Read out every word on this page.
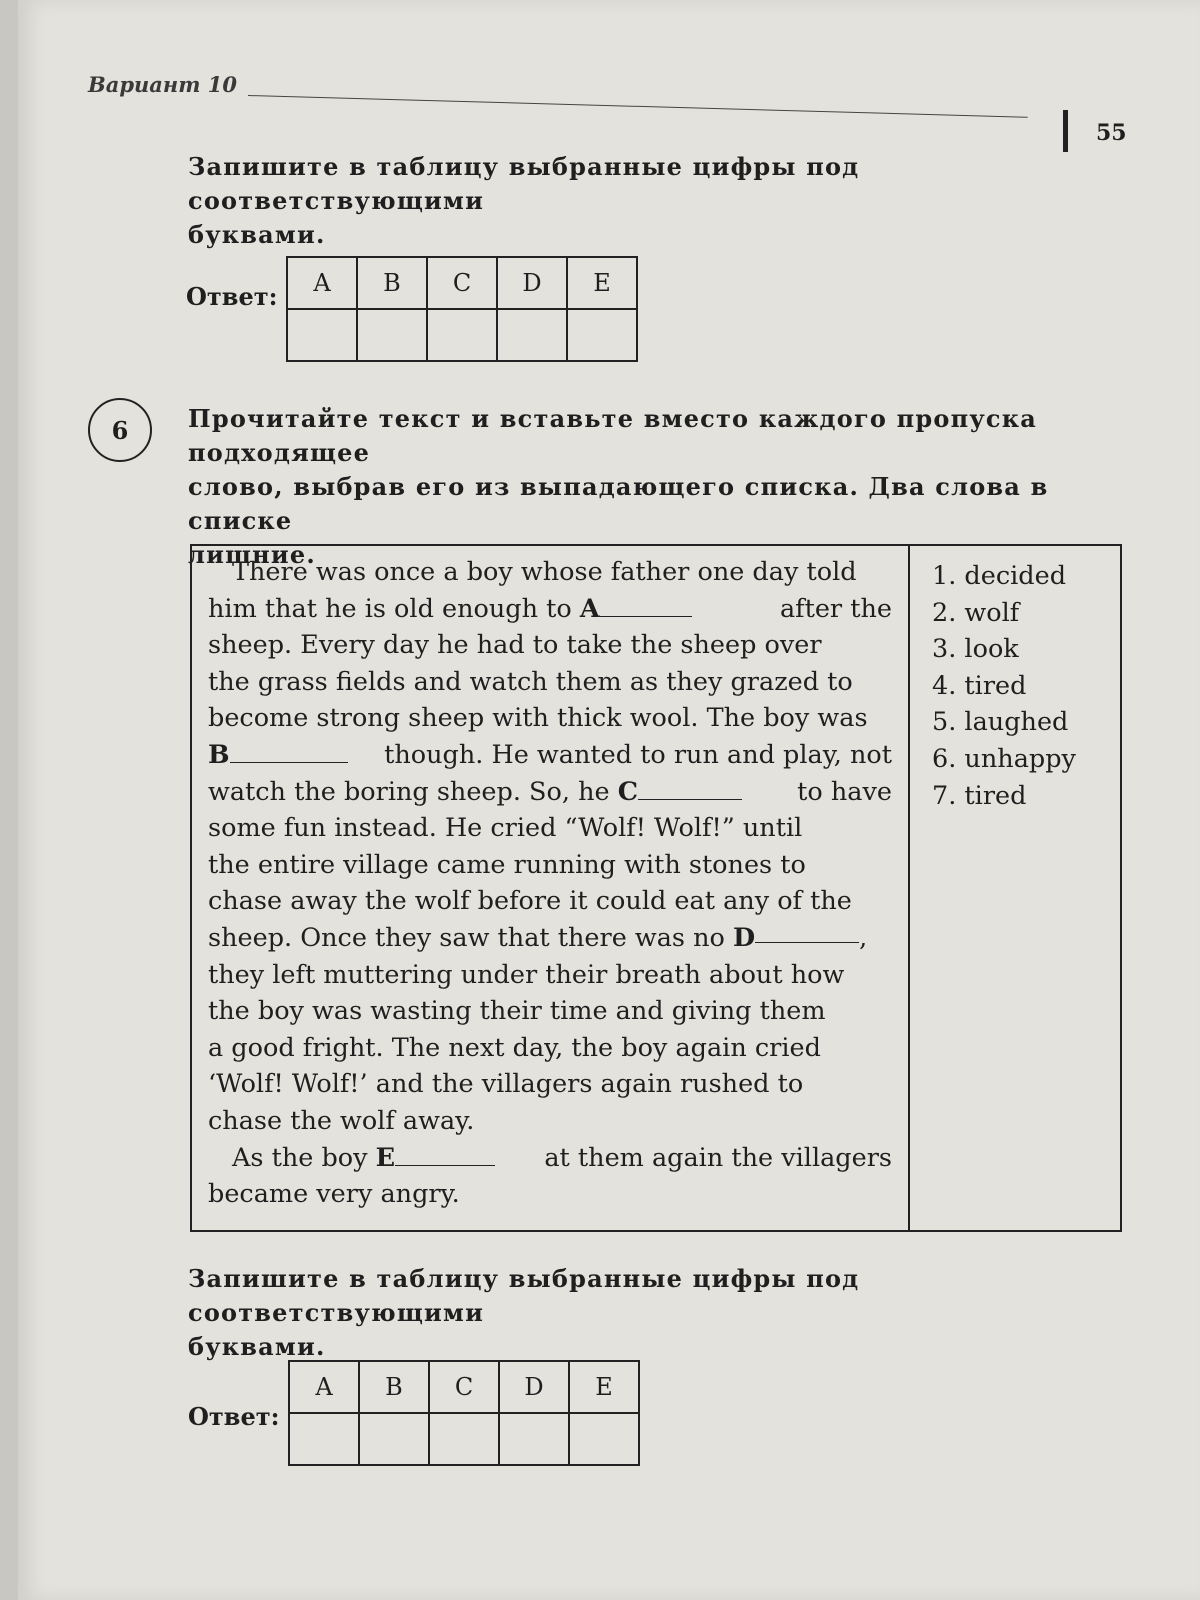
Вариант 10
55
Запишите в таблицу выбранные цифры под соответствующими
буквами.
Ответ: A	B	C	D	E

6 Прочитайте текст и вставьте вместо каждого пропуска подходящее
слово, выбрав его из выпадающего списка. Два слова в списке
лишние.
There was once a boy whose father one day told
him that he is old enough to A	after the
sheep. Every day he had to take the sheep over
the grass fields and watch them as they grazed to
become strong sheep with thick wool. The boy was
B	though. He wanted to run and play, not
watch the boring sheep. So, he C	to have
some fun instead. He cried “Wolf! Wolf!” until
the entire village came running with stones to
chase away the wolf before it could eat any of the
sheep. Once they saw that there was no
D	,
they left muttering under their breath about how
the boy was wasting their time and giving them
a good fright. The next day, the boy again cried
‘Wolf! Wolf!’ and the villagers again rushed to
chase the wolf away.
As the boy E	at them again the villagers
became very angry.
1. decided
2. wolf
3. look
4. tired
5. laughed
6. unhappy
7. tired
Запишите в таблицу выбранные цифры под соответствующими
буквами.
Ответ:
A	B	C	D	E
